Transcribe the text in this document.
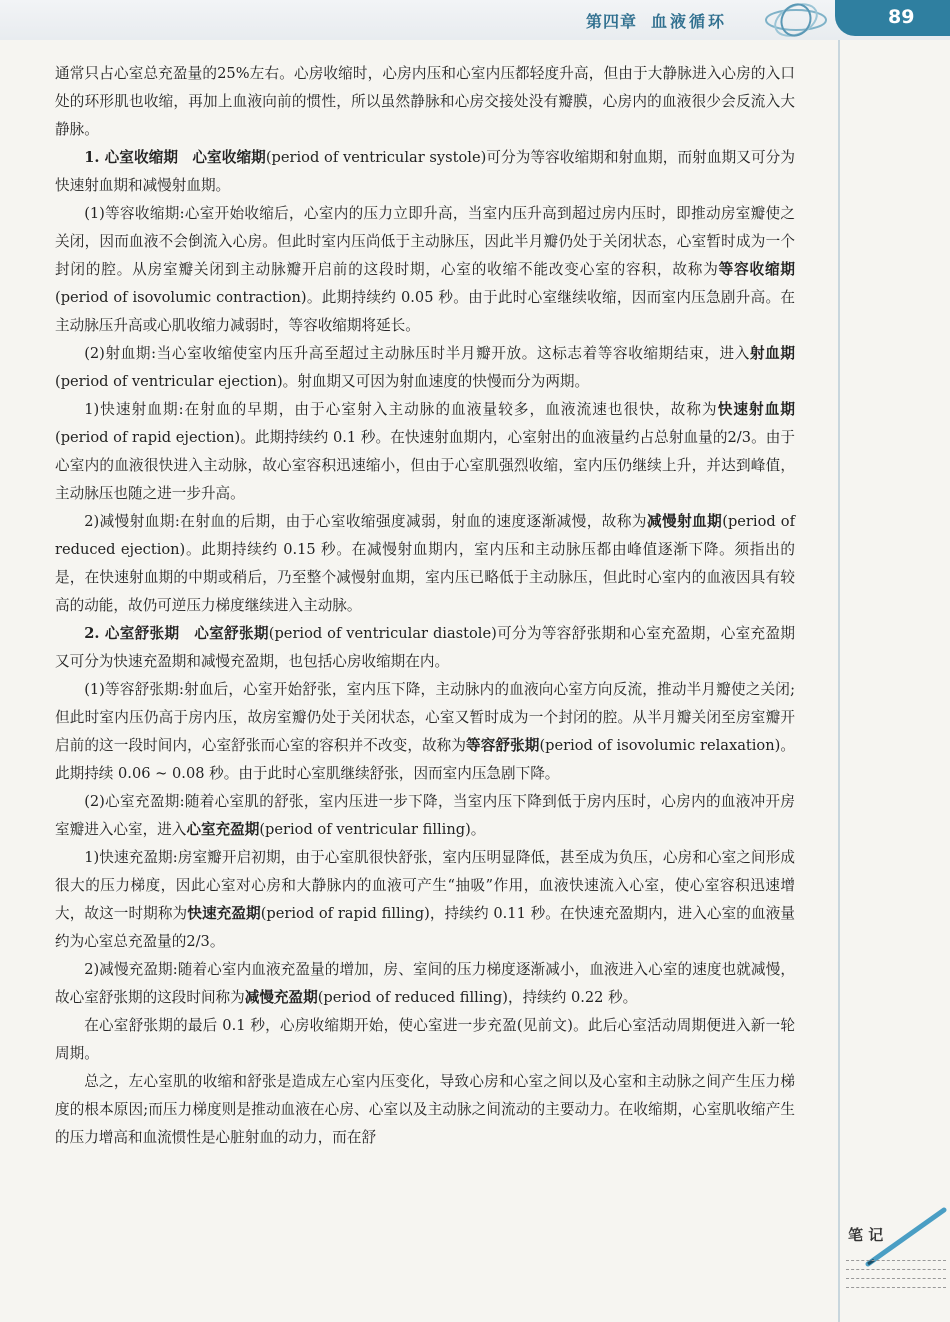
第四章 血液循环	89

通常只占心室总充盈量的25%左右。心房收缩时，心房内压和心室内压都轻度升高，但由于大静脉进入心房的入口处的环形肌也收缩，再加上血液向前的惯性，所以虽然静脉和心房交接处没有瓣膜，心房内的血液很少会反流入大静脉。

1. 心室收缩期 心室收缩期(period of ventricular systole)可分为等容收缩期和射血期，而射血期又可分为快速射血期和减慢射血期。

(1)等容收缩期:心室开始收缩后，心室内的压力立即升高，当室内压升高到超过房内压时，即推动房室瓣使之关闭，因而血液不会倒流入心房。但此时室内压尚低于主动脉压，因此半月瓣仍处于关闭状态，心室暂时成为一个封闭的腔。从房室瓣关闭到主动脉瓣开启前的这段时期，心室的收缩不能改变心室的容积，故称为等容收缩期(period of isovolumic contraction)。此期持续约 0.05 秒。由于此时心室继续收缩，因而室内压急剧升高。在主动脉压升高或心肌收缩力减弱时，等容收缩期将延长。

(2)射血期:当心室收缩使室内压升高至超过主动脉压时半月瓣开放。这标志着等容收缩期结束，进入射血期(period of ventricular ejection)。射血期又可因为射血速度的快慢而分为两期。

1)快速射血期:在射血的早期，由于心室射入主动脉的血液量较多，血液流速也很快，故称为快速射血期(period of rapid ejection)。此期持续约 0.1 秒。在快速射血期内，心室射出的血液量约占总射血量的2/3。由于心室内的血液很快进入主动脉，故心室容积迅速缩小，但由于心室肌强烈收缩，室内压仍继续上升，并达到峰值，主动脉压也随之进一步升高。

2)减慢射血期:在射血的后期，由于心室收缩强度减弱，射血的速度逐渐减慢，故称为减慢射血期(period of reduced ejection)。此期持续约 0.15 秒。在减慢射血期内，室内压和主动脉压都由峰值逐渐下降。须指出的是，在快速射血期的中期或稍后，乃至整个减慢射血期，室内压已略低于主动脉压，但此时心室内的血液因具有较高的动能，故仍可逆压力梯度继续进入主动脉。

2. 心室舒张期 心室舒张期(period of ventricular diastole)可分为等容舒张期和心室充盈期，心室充盈期又可分为快速充盈期和减慢充盈期，也包括心房收缩期在内。

(1)等容舒张期:射血后，心室开始舒张，室内压下降，主动脉内的血液向心室方向反流，推动半月瓣使之关闭;但此时室内压仍高于房内压，故房室瓣仍处于关闭状态，心室又暂时成为一个封闭的腔。从半月瓣关闭至房室瓣开启前的这一段时间内，心室舒张而心室的容积并不改变，故称为等容舒张期(period of isovolumic relaxation)。此期持续 0.06 ~ 0.08 秒。由于此时心室肌继续舒张，因而室内压急剧下降。

(2)心室充盈期:随着心室肌的舒张，室内压进一步下降，当室内压下降到低于房内压时，心房内的血液冲开房室瓣进入心室，进入心室充盈期(period of ventricular filling)。

1)快速充盈期:房室瓣开启初期，由于心室肌很快舒张，室内压明显降低，甚至成为负压，心房和心室之间形成很大的压力梯度，因此心室对心房和大静脉内的血液可产生“抽吸”作用，血液快速流入心室，使心室容积迅速增大，故这一时期称为快速充盈期(period of rapid filling)，持续约 0.11 秒。在快速充盈期内，进入心室的血液量约为心室总充盈量的2/3。

2)减慢充盈期:随着心室内血液充盈量的增加，房、室间的压力梯度逐渐减小，血液进入心室的速度也就减慢，故心室舒张期的这段时间称为减慢充盈期(period of reduced filling)，持续约 0.22 秒。

在心室舒张期的最后 0.1 秒，心房收缩期开始，使心室进一步充盈(见前文)。此后心室活动周期便进入新一轮周期。

总之，左心室肌的收缩和舒张是造成左心室内压变化，导致心房和心室之间以及心室和主动脉之间产生压力梯度的根本原因;而压力梯度则是推动血液在心房、心室以及主动脉之间流动的主要动力。在收缩期，心室肌收缩产生的压力增高和血流惯性是心脏射血的动力，而在舒

笔 记
